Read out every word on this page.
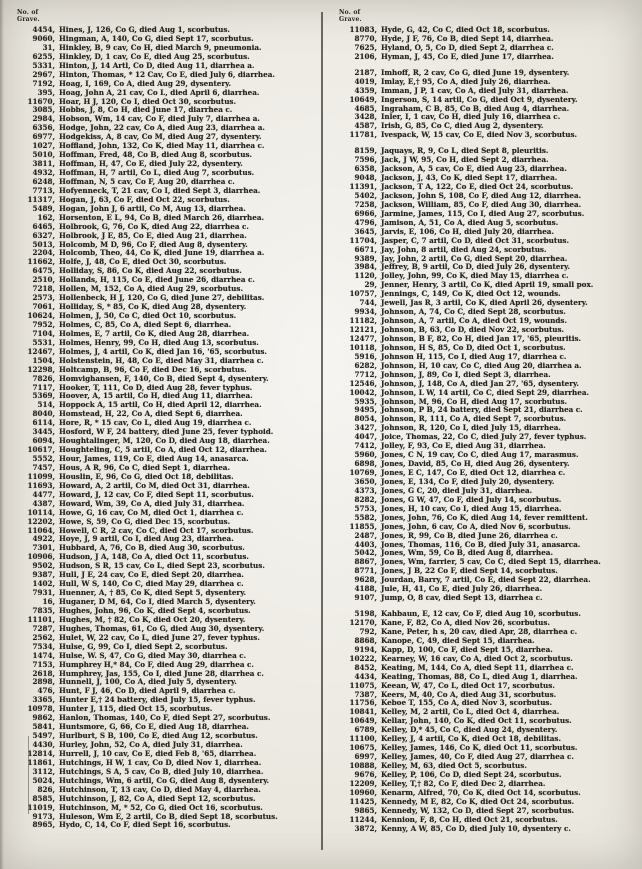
No. of
Grave.
4454, Hines, J, 126, Co G, died Aug 1, scorbutus.
9060, Hingman, A, 140, Co G, died Sept 17, scorbutus.
31, Hinkley, B, 9 cav, Co H, died March 9, pneumonia.
6255, Hinkley, D, 1 cav, Co E, died Aug 25, scorbutus.
5331, Hinton, J, 14 Artl, Co D, died Aug 11, diarrhea a.
2967, Hinton, Thomas, * 12 Cav, Co E, died July 6, diarrhea.
7192, Hoag, I, 169, Co A, died Aug 29, dysentery.
395, Hoag, John A, 21 cav, Co L, died April 6, diarrhea.
11670, Hoar, H J, 120, Co I, died Oct 30, scorbutus.
3085, Hobbs, J, 8, Co H, died June 17, diarrhea c.
2984, Hobson, Wm, 14 cav, Co F, died July 7, diarrhea a.
6356, Hodge, John, 22 cav, Co A, died Aug 23, diarrhea a.
6977, Hodgekiss, A, 8 cav, Co M, died Aug 27, dysentery.
1027, Hoffland, John, 132, Co K, died May 11, diarrhea c.
5010, Hoffman, Fred, 48, Co B, died Aug 8, scorbutus.
3811, Hoffman, H, 47, Co E, died July 22, dysentery.
4932, Hoffman, H, 7 artil, Co L, died Aug 7, scorbutus.
6248, Hoffman, N, 5 cav, Co F, Aug 20, diarrhea c.
7713, Hofyenneck, T, 21 cav, Co I, died Sept 3, diarrhea.
11317, Hogan, J, 63, Co F, died Oct 22, scorbutus.
5489, Hogan, John J, 6 artil, Co M, Aug 13, diarrhea.
162, Horsenton, E L, 94, Co B, died March 26, diarrhea.
6465, Holbrook, G, 76, Co K, died Aug 22, diarrhea c.
6327, Holbrook, J E, 85, Co E, died Aug 21, diarrhea.
5013, Holcomb, M D, 96, Co F, died Aug 8, dysentery.
2204, Holcomb, Theo, 44, Co K, died June 19, diarrhea a.
11662, Holfe, J, 48, Co E, died Oct 30, scorbutus.
6475, Holliday, S, 86, Co K, died Aug 22, scorbutus.
2510, Hollands, H, 115, Co E, died June 26, diarrhea c.
7218, Hollen, M, 152, Co A, died Aug 29, scorbutus.
2573, Hollenbeck, H J, 120, Co G, died June 27, debilitas.
7061, Holliday, S, * 85, Co K, died Aug 28, dysentery.
10624, Holmen, J, 50, Co C, died Oct 10, scorbutus.
7952, Holmes, C, 85, Co A, died Sept 6, diarrhea.
7104, Holmes, E, 7 artil, Co K, died Aug 28, diarrhea.
5531, Holmes, Henry, 99, Co H, died Aug 13, scorbutus.
12467, Holmes, J, 4 artil, Co K, died Jan 16, '65, scorbutus.
1504, Holstenstein, H, 48, Co E, died May 31, diarrhea c.
12298, Holtcamp, B, 96, Co F, died Dec 16, scorbutus.
7826, Homvighansen, F, 140, Co B, died Sept 4, dysentery.
7117, Hooker, T, 111, Co D, died Aug 28, fever typhus.
5369, Hoover, A, 15 artil, Co H, died Aug 11, diarrhea.
514, Hoppock A, 15 artil, Co H, died April 12, diarrhea.
8040, Homstead, H, 22, Co A, died Sept 6, diarrhea.
6114, Hore, R, * 15 cav, Co L, died Aug 19, diarrhea c.
3445, Hosford, W F, 24 battery, died June 25, fever typhoid.
6094, Houghtalinger, M, 120, Co D, died Aug 18, diarrhea.
10617, Houghteling, C, 5 artil, Co A, died Oct 12, diarrhea.
5552, Hour, James, 119, Co E, died Aug 14, anasarca.
7457, Hous, A R, 96, Co C, died Sept 1, diarrhea.
11099, Houslin, E, 96, Co G, died Oct 18, debilitas.
11693, Howard, A, 2 artil, Co M, died Oct 31, diarrhea.
4477, Howard, J, 12 cav, Co F, died Sept 11, scorbutus.
4387, Howard, Wm, 39, Co A, died July 31, diarrhea.
10114, Howe, G, 16 cav, Co M, died Oct 1, diarrhea c.
12202, Howe, S, 59, Co G, died Dec 15, scorbutus.
11064, Howell, C R, 2 cav, Co C, died Oct 17, scorbutus.
4922, Hoye, J, 9 artil, Co I, died Aug 23, diarrhea.
7301, Hubbard, A, 76, Co B, died Aug 30, scorbutus.
10906, Hudson, J A, 148, Co A, died Oct 11, scorbutus.
9502, Hudson, S R, 15 cav, Co L, died Sept 23, scorbutus.
9387, Hull, J E, 24 cav, Co E, died Sept 20, diarrhea.
1402, Hull, W S, 140, Co C, died May 29, diarrhea c.
7931, Huenner, A, † 85, Co K, died Sept 5, dysentery.
16, Huganer, D M, 64, Co I, died March 5, dysentery.
7835, Hughes, John, 96, Co K, died Sept 4, scorbutus.
11101, Hughes, M, † 82, Co K, died Oct 20, dysentery.
7287, Hughes, Thomas, 61, Co G, died Aug 30, dysentery.
2562, Hulet, W, 22 cav, Co L, died June 27, fever typhus.
7534, Hulse, G, 99, Co I, died Sept 2, scorbutus.
1474, Hulse, W. S, 47, Co G, died May 30, diarrhea c.
7153, Humphrey H,* 84, Co F, died Aug 29, diarrhea c.
2618, Humphrey, Jas, 155, Co I, died June 28, diarrhea c.
2898, Hunnell, J, 100, Co A, died July 5, dysentery.
476, Hunt, F J, 46, Co D, died April 9, diarrhea c.
3365, Hunter E,† 24 battery, died July 15, fever typhus.
10978, Hunter J, 115, died Oct 15, scorbutus.
9862, Hanlon, Thomas, 140, Co F, died Sept 27, scorbutus.
5841, Huntsmore, G, 66, Co E, died Aug 18, diarrhea.
5497, Hurlburt, S B, 100, Co E, died Aug 12, scorbutus.
4430, Hurley, John, 52, Co A, died July 31, diarrhea.
12814, Hurrell, J, 10 cav, Co E, died Feb 8, '65, diarrhea.
11861, Hutchings, H W, 1 cav, Co D, died Nov 1, diarrhea.
3112, Hutchings, S A, 5 cav, Co B, died July 10, diarrhea.
5024, Hutchings, Wm, 6 artil, Co G, died Aug 8, dysentery.
826, Hutchinson, T, 13 cav, Co D, died May 4, diarrhea.
8585, Hutchinson, J, 82, Co A, died Sept 12, scorbutus.
11019, Hutchinson, M, * 52, Co G, died Oct 16, scorbutus.
9173, Huleson, Wm E, 2 artil, Co B, died Sept 18, scorbutus.
8965, Hydo, C, 14, Co F, died Sept 16, scorbutus.
No. of
Grave.
11083, Hyde, G, 42, Co C, died Oct 18, scorbutus.
8770, Hyde, J F, 76, Co B, died Sept 14, diarrhea.
7625, Hyland, O, 5, Co D, died Sept 2, diarrhea c.
2106, Hyman, J, 45, Co E, died June 17, diarrhea.
2187, Imhoff, R, 2 cav, Co G, died June 19, dysentery.
4019, Imlay, E,† 95, Co A, died July 26, diarrhea.
4359, Imman, J P, 1 cav, Co A, died July 31, diarrhea.
10649, Ingerson, S, 14 artil, Co G, died Oct 9, dysentery.
4685, Ingraham, C B, 85, Co B, died Aug 4, diarrhea.
3428, Inler, I, 1 cav, Co H, died July 16, diarrhea c.
4587, Irish, G, 85, Co C, died Aug 2, dysentery.
11781, Ivespack, W, 15 cav, Co E, died Nov 3, scorbutus.
8159, Jaquays, R, 9, Co L, died Sept 8, pleuritis.
7596, Jack, J W, 95, Co H, died Sept 2, diarrhea.
6358, Jackson, A, 5 cav, Co E, died Aug 23, diarrhea.
9048, Jackson, J, 43, Co K, died Sept 17, diarrhea.
11391, Jackson, T A, 122, Co E, died Oct 24, scorbutus.
5402, Jackson, John S, 108, Co F, died Aug 12, diarrhea.
7258, Jackson, William, 85, Co F, died Aug 30, diarrhea.
6966, Jarmine, James, 115, Co I, died Aug 27, scorbutus.
4796, Jamison, A, 51, Co A, died Aug 5, scorbutus.
3645, Jarvis, E, 106, Co H, died July 20, diarrhea.
11704, Jasper, C, 7 artil, Co D, died Oct 31, scorbutus.
6671, Jay, John, 8 artil, died Aug 24, scorbutus.
9389, Jay, John, 2 artil, Co G, died Sept 20, diarrhea.
3984, Jeffrey, B, 9 artil, Co D, died July 26, dysentery.
1120, Jolley, John, 99, Co K, died May 15, diarrhea c.
29, Jenner, Henry, 3 artil, Co K, died April 19, small pox.
10757, Jennings, C, 149, Co K, died Oct 12, wounds.
744, Jewell, Jas R, 3 artil, Co K, died April 26, dysentery.
9934, Johnson, A, 74, Co C, died Sept 28, scorbutus.
11182, Johnson, A, 7 artil, Co A, died Oct 19, wounds.
12121, Johnson, B, 63, Co D, died Nov 22, scorbutus.
12477, Johnson, B F, 82, Co H, died Jan 17, '65, pleuritis.
10118, Johnson, H S, 85, Co D, died Oct 1, scorbutus.
5916, Johnson H, 115, Co I, died Aug 17, diarrhea c.
6282, Johnson, H, 10 cav, Co C, died Aug 20, diarrhea a.
7712, Johnson, J, 89, Co I, died Sept 3, diarrhea.
12546, Johnson, J, 148, Co A, died Jan 27, '65, dysentery.
10042, Johnson, L W, 14 artil, Co C, died Sept 29, diarrhea.
5935, Johnson, M, 96, Co H, died Aug 17, scorbutus.
9495, Johnson, P B, 24 battery, died Sept 21, diarrhea c.
8054, Johnson, R, 111, Co A, died Sept 7, scorbutus.
3427, Johnson, R, 120, Co I, died July 15, diarrhea.
4047, Joice, Thomas, 22, Co C, died July 27, fever typhus.
7412, Jolley, F, 93, Co E, died Aug 31, diarrhea.
5960, Jones, C N, 19 cav, Co C, died Aug 17, marasmus.
6898, Jones, David, 85, Co H, died Aug 26, dysentery.
10769, Jones, E C, 147, Co E, died Oct 12, diarrhea c.
3650, Jones, E, 134, Co F, died July 20, dysentery.
4373, Jones, G C, 20, died July 31, diarrhea.
8282, Jones, G W, 47, Co F, died July 14, scorbutus.
5753, Jones, H, 10 cav, Co I, died Aug 15, diarrhea.
5582, Jones, John, 76, Co K, died Aug 14, fever remittent.
11855, Jones, John, 6 cav, Co A, died Nov 6, scorbutus.
2487, Jones, R, 99, Co B, died June 26, diarrhea c.
4403, Jones, Thomas, 116, Co B, died July 31, anasarca.
5042, Jones, Wm, 59, Co B, died Aug 8, diarrhea.
8867, Jones, Wm, farrier, 5 cav, Co C, died Sept 15, diarrhea.
8771, Jones, J B, 22 Co F, died Sept 14, scorbutus.
9628, Jourdan, Barry, 7 artil, Co E, died Sept 22, diarrhea.
4188, Jule, H, 41, Co E, died July 26, diarrhea.
9107, Jump, O, 8 cav, died Sept 13, diarrhea c.
5198, Kahbaun, E, 12 cav, Co F, died Aug 10, scorbutus.
12170, Kane, F, 82, Co A, died Nov 26, scorbutus.
792, Kane, Peter, h s, 20 cav, died Apr, 28, diarrhea c.
8868, Kanope, C, 49, died Sept 15, diarrhea.
9194, Kapp, D, 100, Co F, died Sept 15, diarrhea.
10222, Kearney, W, 16 cav, Co A, died Oct 2, scorbutus.
8452, Keating, M, 144, Co A, died Sept 11, diarrhea c.
4434, Keating, Thomas, 88, Co L, died Aug 1, diarrhea.
11075, Keean, W, 47, Co L, died Oct 17, scorbutus.
7387, Keers, M, 40, Co A, died Aug 31, scorbutus.
11756, Keboe T, 155, Co A, died Nov 3, scorbutus.
10841, Kelley, M, 2 artil, Co L, died Oct 4, diarrhea.
10649, Kellar, John, 140, Co K, died Oct 11, scorbutus.
6789, Kelley, D,* 45, Co C, died Aug 24, dysentery.
11100, Kelley, J, 4 artil, Co K, died Oct 18, debilitas.
10675, Kelley, James, 146, Co K, died Oct 11, scorbutus.
6997, Kelley, James, 40, Co F, died Aug 27, diarrhea c.
10888, Kelley, M, 63, died Oct 5, scorbutus.
9676, Kelley, P, 106, Co D, died Sept 24, scorbutus.
12209, Kelley, T,† 82, Co F, died Dec 2, diarrhea.
10960, Kenarm, Alfred, 70, Co K, died Oct 14, scorbutus.
11425, Kennedy, M E, 82, Co K, died Oct 24, scorbutus.
9865, Kennedy, W, 132, Co D, died Sept 27, scorbutus.
11244, Kennion, F, 8, Co H, died Oct 21, scorbutus.
3872, Kenny, A W, 85, Co D, died July 10, dysentery c.
